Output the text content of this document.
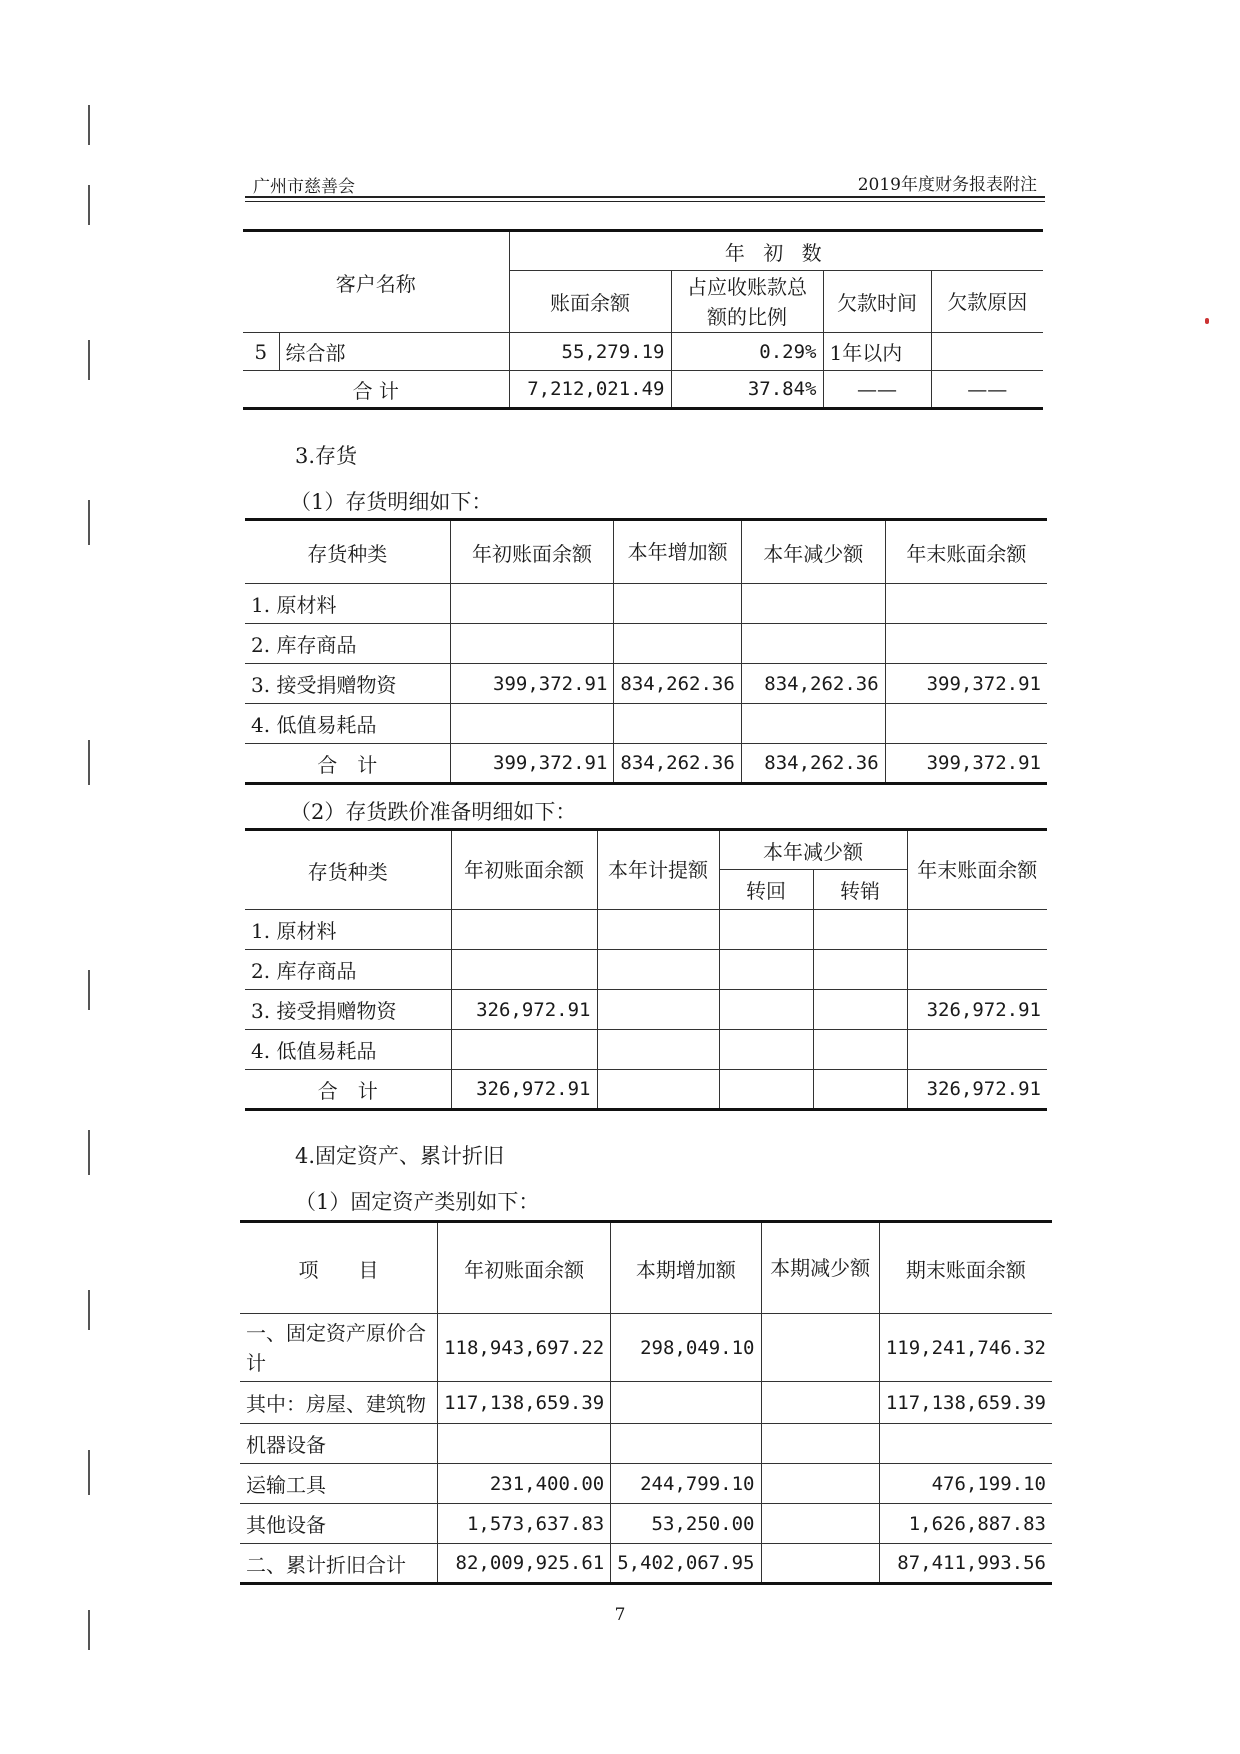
广州市慈善会	2019年度财务报表附注
客户名称		年 初 数			
		账面余额	占应收账款总额的比例	欠款时间	欠款原因
5	综合部	55,279.19	0.29%	1年以内	
合 计		7,212,021.49	37.84%	——	——
3.存货
（1）存货明细如下：
存货种类	年初账面余额	本年增加额	本年减少额	年末账面余额
1. 原材料				
2. 库存商品				
3. 接受捐赠物资	399,372.91	834,262.36	834,262.36	399,372.91
4. 低值易耗品				
合　计	399,372.91	834,262.36	834,262.36	399,372.91
（2）存货跌价准备明细如下：
存货种类	年初账面余额	本年计提额	本年减少额		年末账面余额
			转回	转销	
1. 原材料					
2. 库存商品					
3. 接受捐赠物资	326,972.91				326,972.91
4. 低值易耗品					
合　计	326,972.91				326,972.91
4.固定资产、累计折旧
（1）固定资产类别如下：
项　　目	年初账面余额	本期增加额	本期减少额	期末账面余额
一、固定资产原价合计	118,943,697.22	298,049.10		119,241,746.32
其中：房屋、建筑物	117,138,659.39			117,138,659.39
机器设备				
运输工具	231,400.00	244,799.10		476,199.10
其他设备	1,573,637.83	53,250.00		1,626,887.83
二、累计折旧合计	82,009,925.61	5,402,067.95		87,411,993.56
7
